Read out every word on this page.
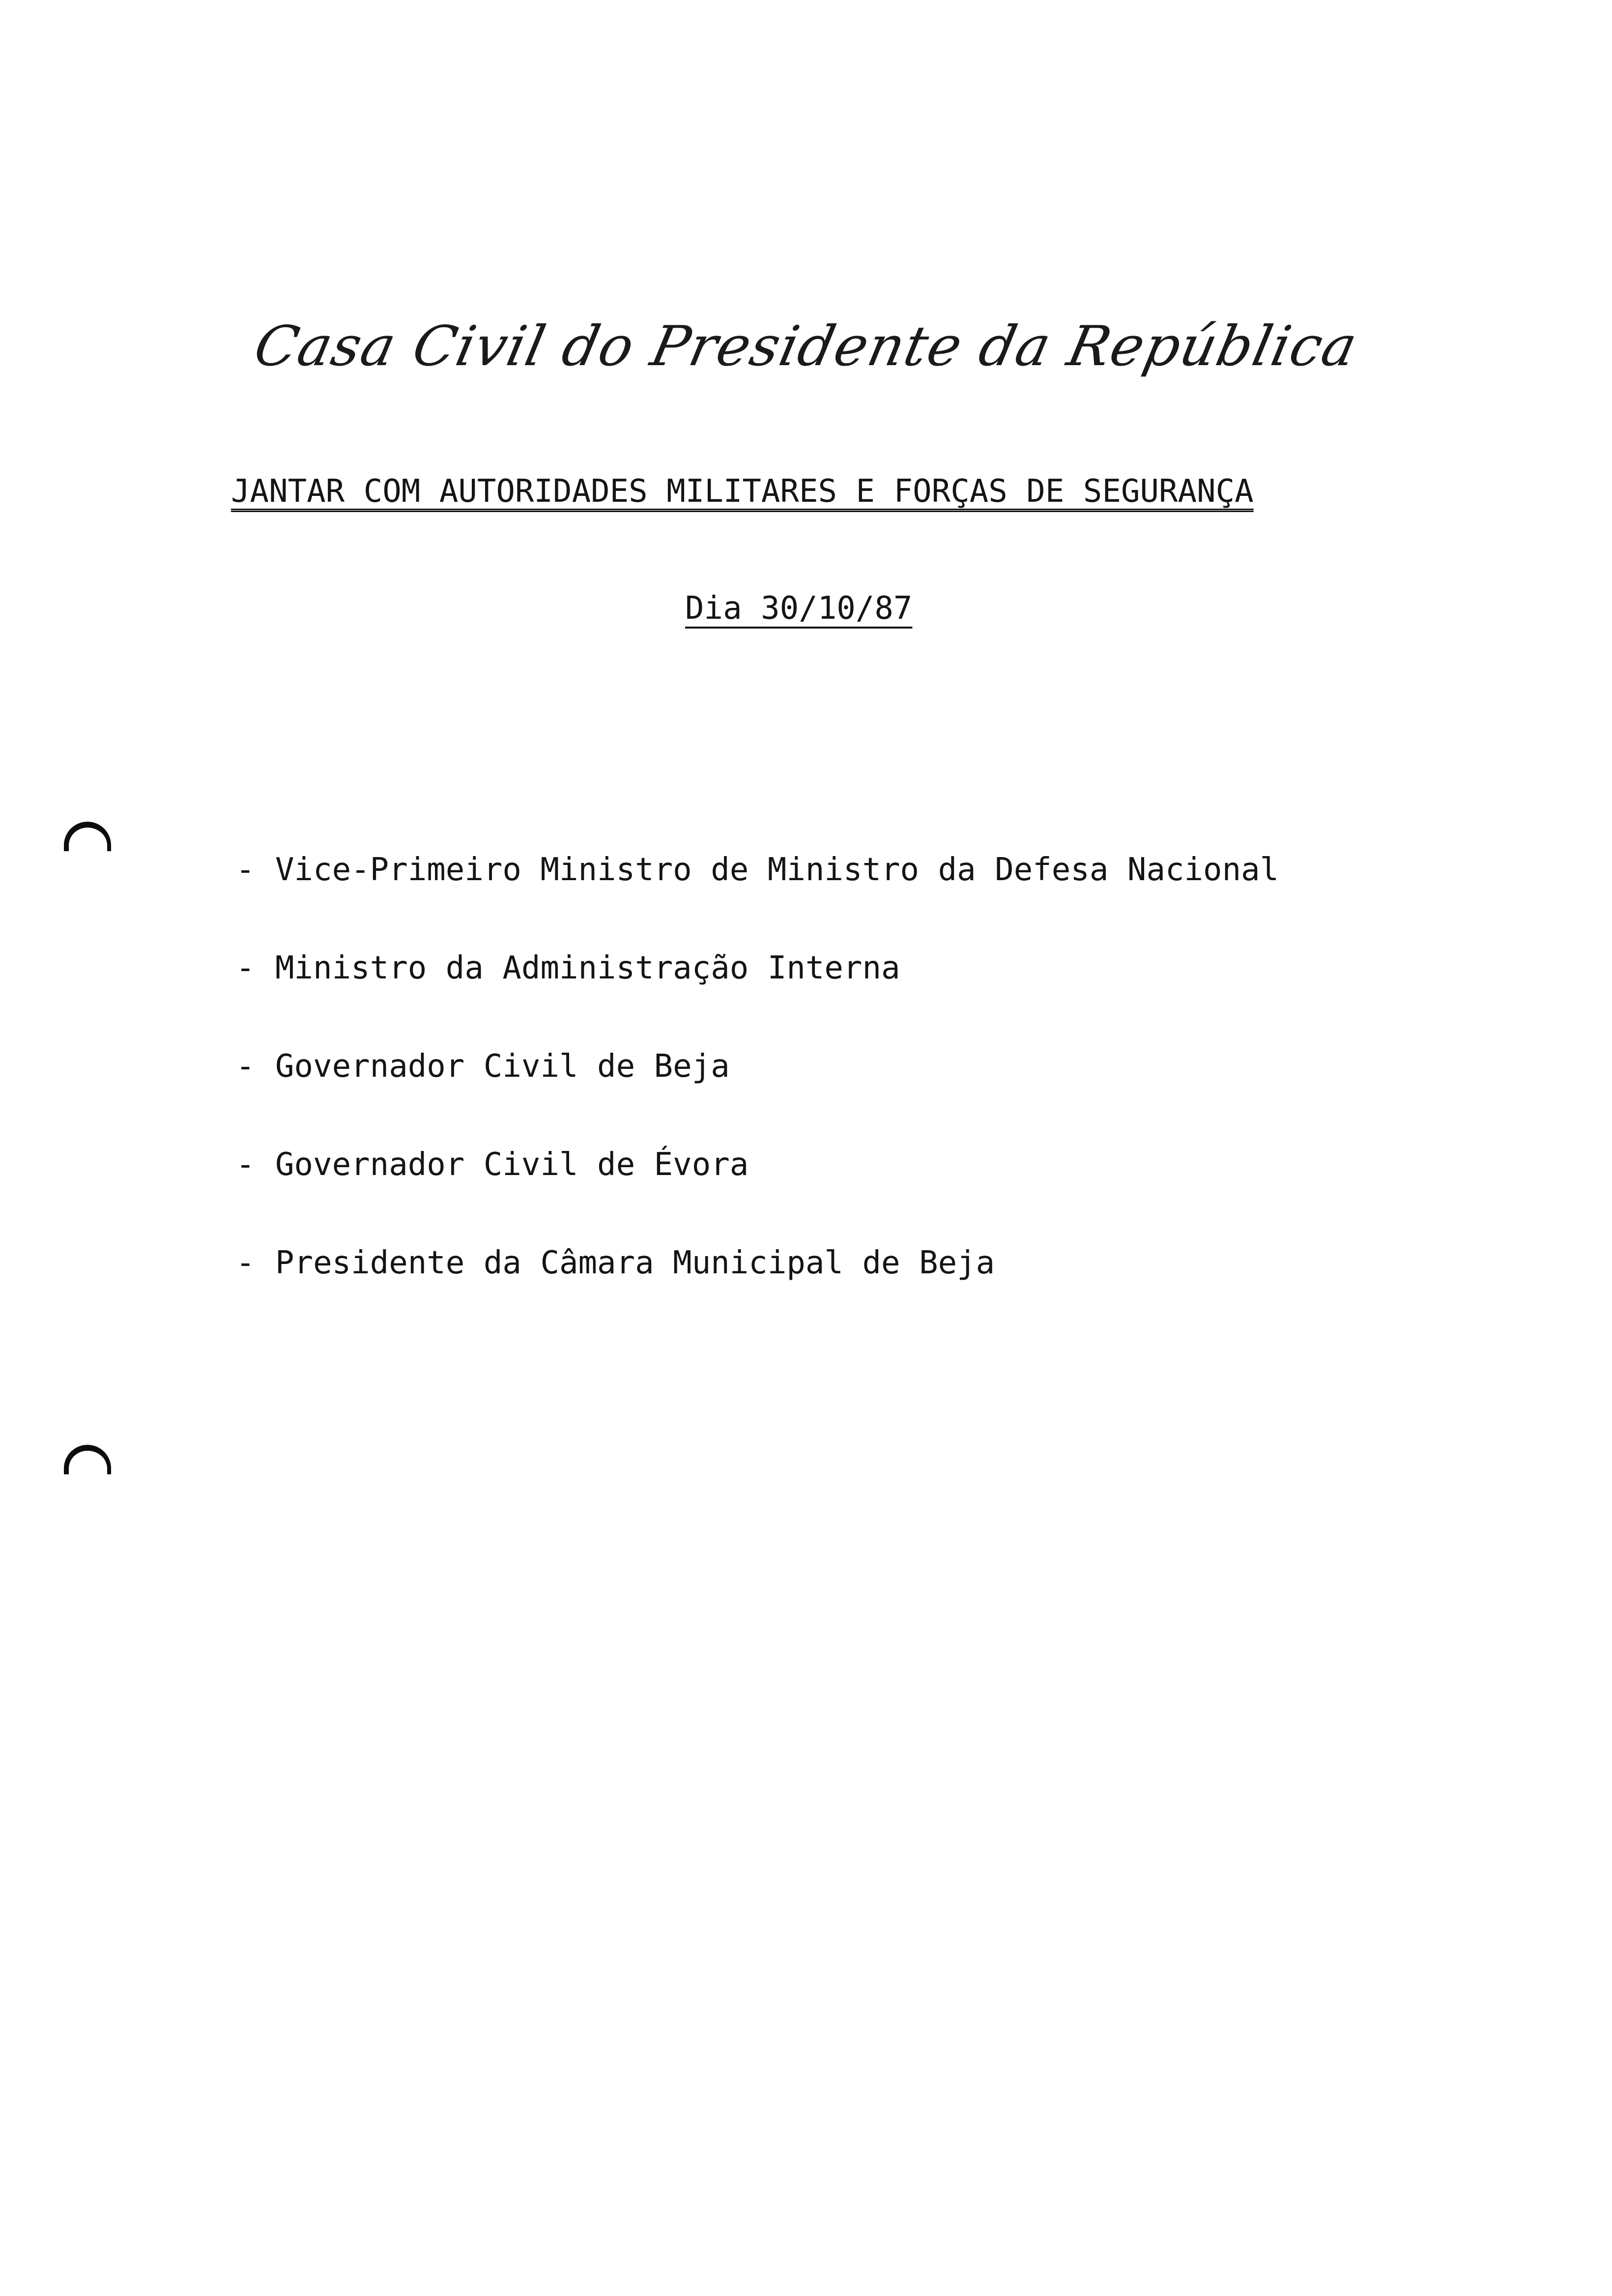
Casa Civil do Presidente da República
JANTAR COM AUTORIDADES MILITARES E FORÇAS DE SEGURANÇA
Dia 30/10/87
- Vice-Primeiro Ministro de Ministro da Defesa Nacional
- Ministro da Administração Interna
- Governador Civil de Beja
- Governador Civil de Évora
- Presidente da Câmara Municipal de Beja
